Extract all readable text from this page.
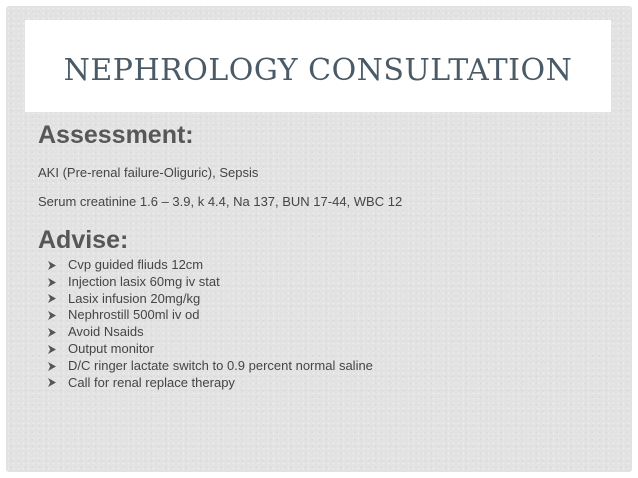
NEPHROLOGY CONSULTATION
Assessment:
AKI (Pre-renal failure-Oliguric), Sepsis
Serum creatinine 1.6 – 3.9, k 4.4, Na 137, BUN 17-44, WBC 12
Advise:
Cvp guided fliuds 12cm
Injection lasix 60mg iv stat
Lasix infusion 20mg/kg
Nephrostill 500ml iv od
Avoid Nsaids
Output monitor
D/C ringer lactate switch to 0.9 percent normal saline
Call for renal replace therapy
